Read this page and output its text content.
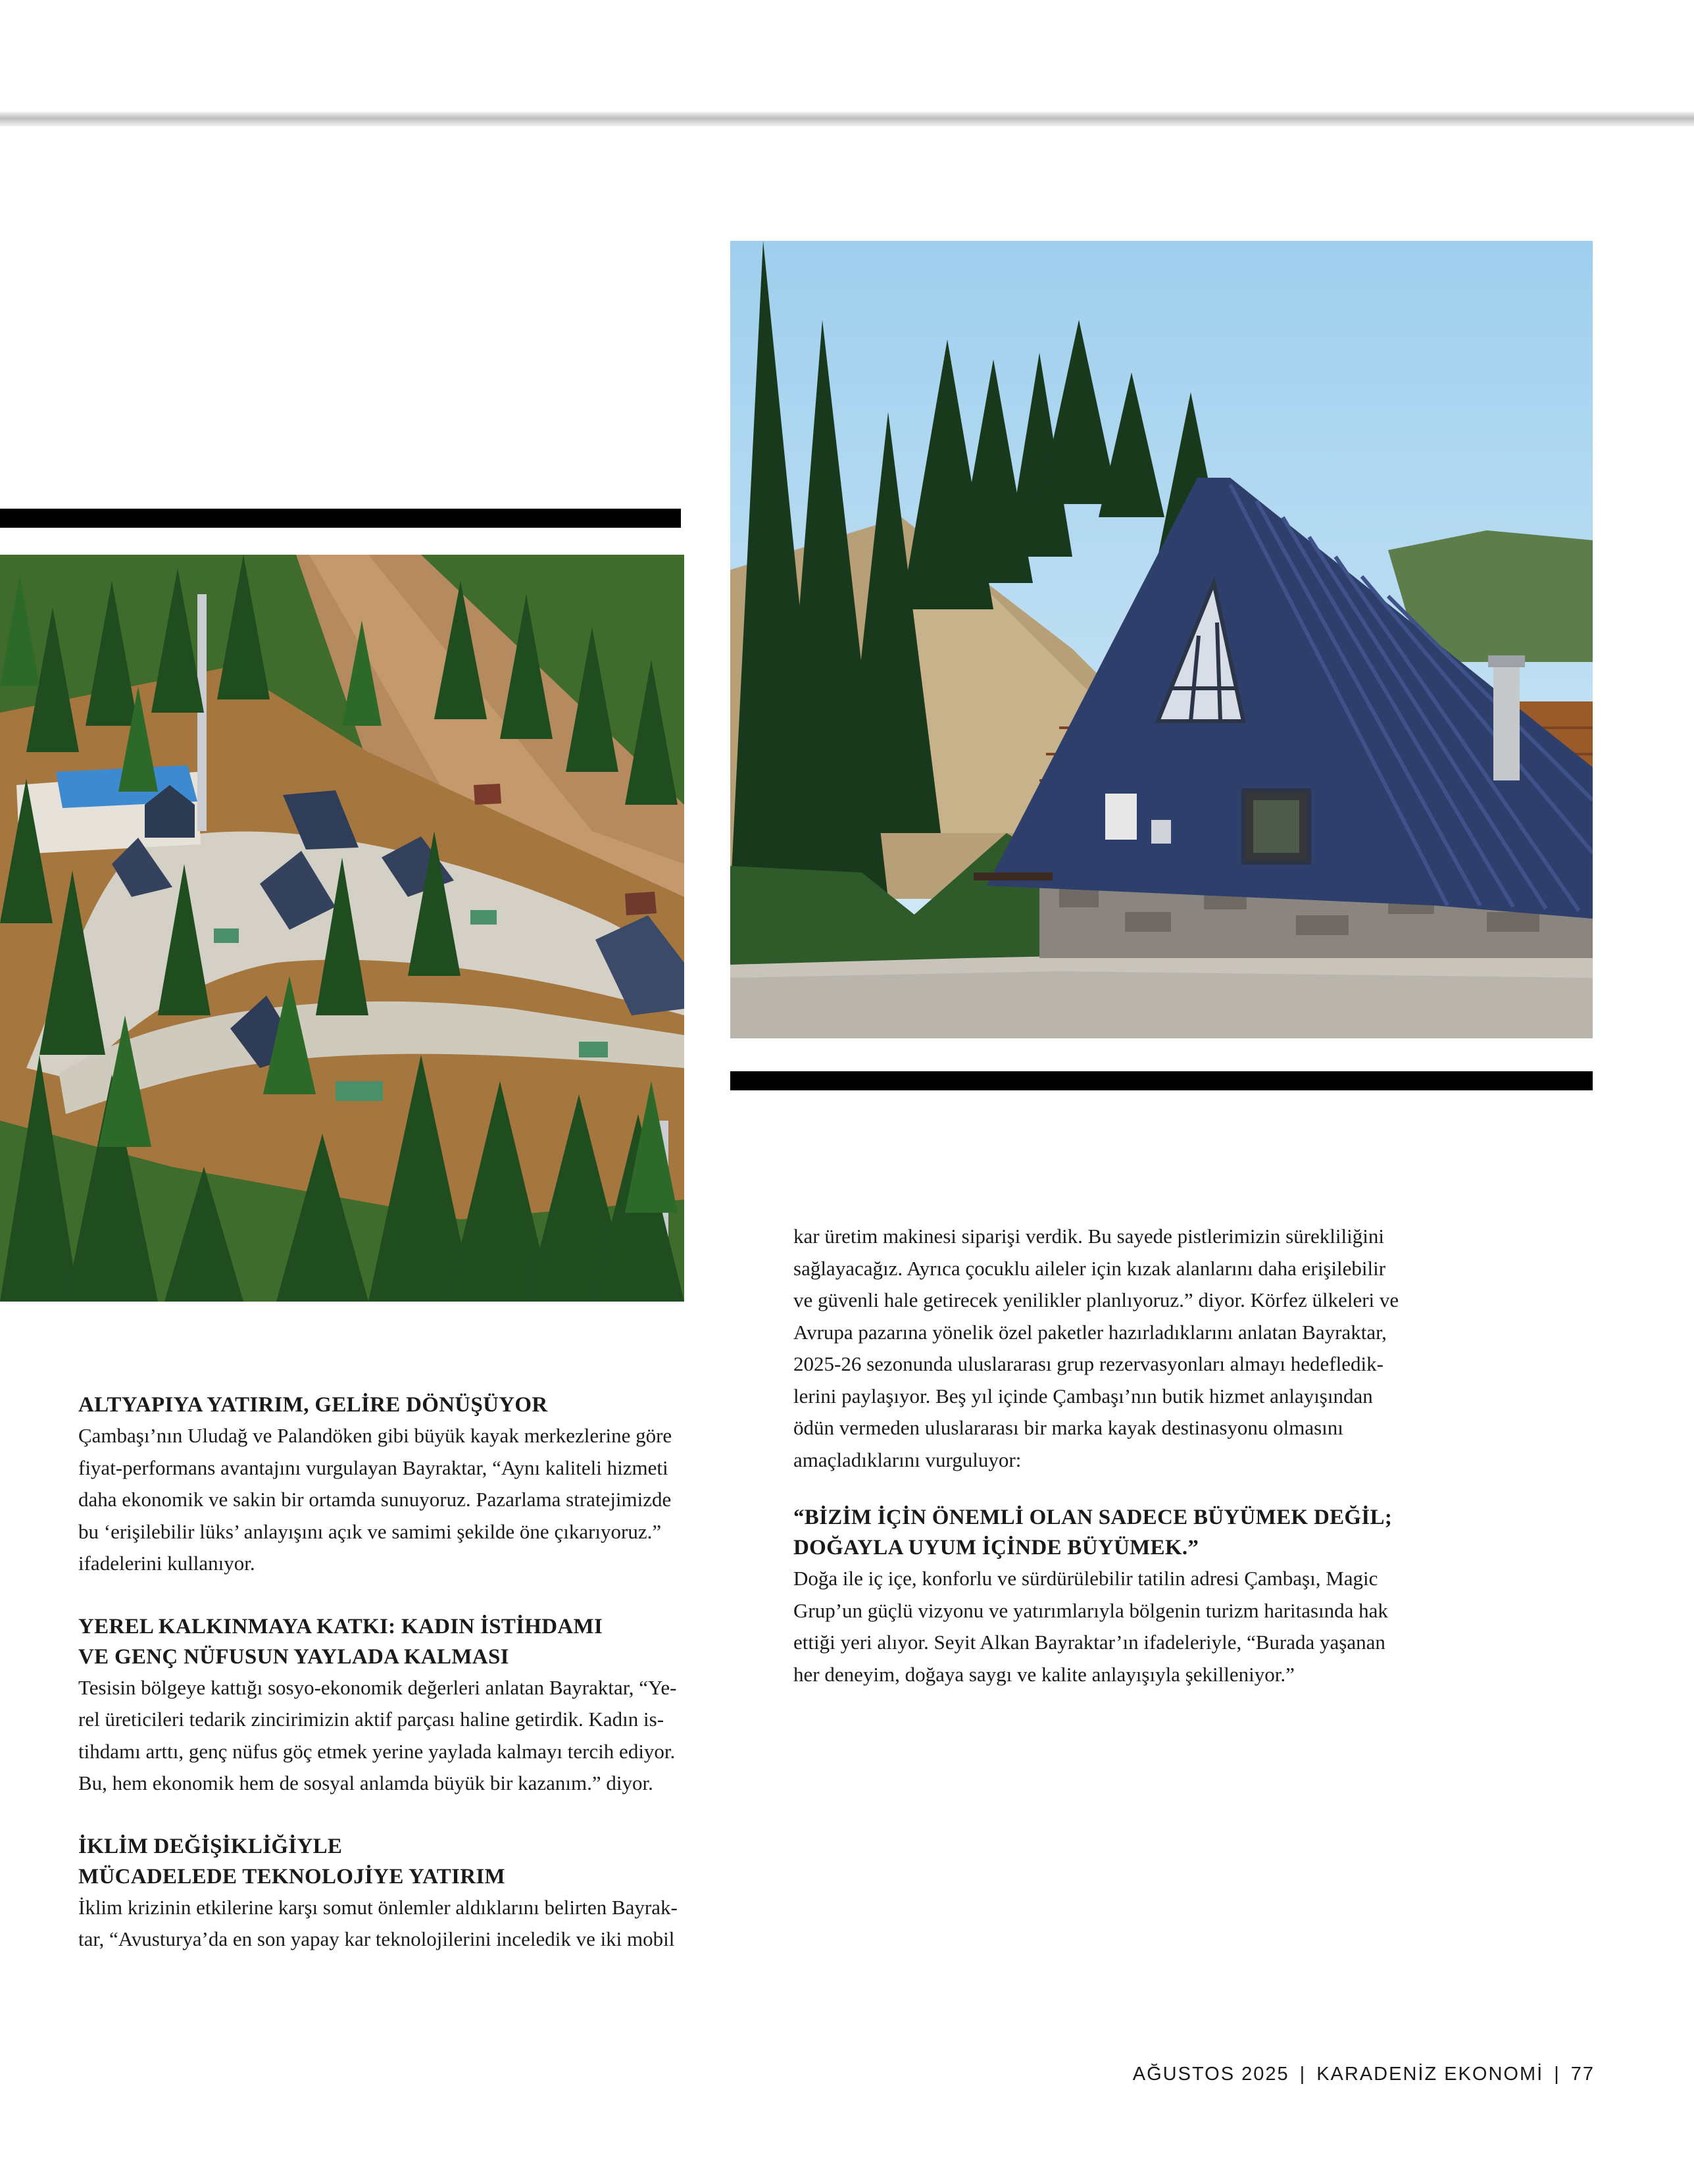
ALTYAPIYA YATIRIM, GELİRE DÖNÜŞÜYOR

Çambaşı’nın Uludağ ve Palandöken gibi büyük kayak merkezlerine göre
fiyat-performans avantajını vurgulayan Bayraktar, “Aynı kaliteli hizmeti
daha ekonomik ve sakin bir ortamda sunuyoruz. Pazarlama stratejimizde
bu ‘erişilebilir lüks’ anlayışını açık ve samimi şekilde öne çıkarıyoruz.”
ifadelerini kullanıyor.

YEREL KALKINMAYA KATKI: KADIN İSTİHDAMI
VE GENÇ NÜFUSUN YAYLADA KALMASI

Tesisin bölgeye kattığı sosyo-ekonomik değerleri anlatan Bayraktar, “Ye-
rel üreticileri tedarik zincirimizin aktif parçası haline getirdik. Kadın is-
tihdamı arttı, genç nüfus göç etmek yerine yaylada kalmayı tercih ediyor.
Bu, hem ekonomik hem de sosyal anlamda büyük bir kazanım.” diyor.

İKLİM DEĞİŞİKLİĞİYLE
MÜCADELEDE TEKNOLOJİYE YATIRIM

İklim krizinin etkilerine karşı somut önlemler aldıklarını belirten Bayrak-
tar, “Avusturya’da en son yapay kar teknolojilerini inceledik ve iki mobil

kar üretim makinesi siparişi verdik. Bu sayede pistlerimizin sürekliliğini
sağlayacağız. Ayrıca çocuklu aileler için kızak alanlarını daha erişilebilir
ve güvenli hale getirecek yenilikler planlıyoruz.” diyor. Körfez ülkeleri ve
Avrupa pazarına yönelik özel paketler hazırladıklarını anlatan Bayraktar,
2025-26 sezonunda uluslararası grup rezervasyonları almayı hedefledik-
lerini paylaşıyor. Beş yıl içinde Çambaşı’nın butik hizmet anlayışından
ödün vermeden uluslararası bir marka kayak destinasyonu olmasını
amaçladıklarını vurguluyor:

“BİZİM İÇİN ÖNEMLİ OLAN SADECE BÜYÜMEK DEĞİL;
DOĞAYLA UYUM İÇİNDE BÜYÜMEK.”

Doğa ile iç içe, konforlu ve sürdürülebilir tatilin adresi Çambaşı, Magic
Grup’un güçlü vizyonu ve yatırımlarıyla bölgenin turizm haritasında hak
ettiği yeri alıyor. Seyit Alkan Bayraktar’ın ifadeleriyle, “Burada yaşanan
her deneyim, doğaya saygı ve kalite anlayışıyla şekilleniyor.”

AĞUSTOS 2025 | KARADENİZ EKONOMİ | 77
